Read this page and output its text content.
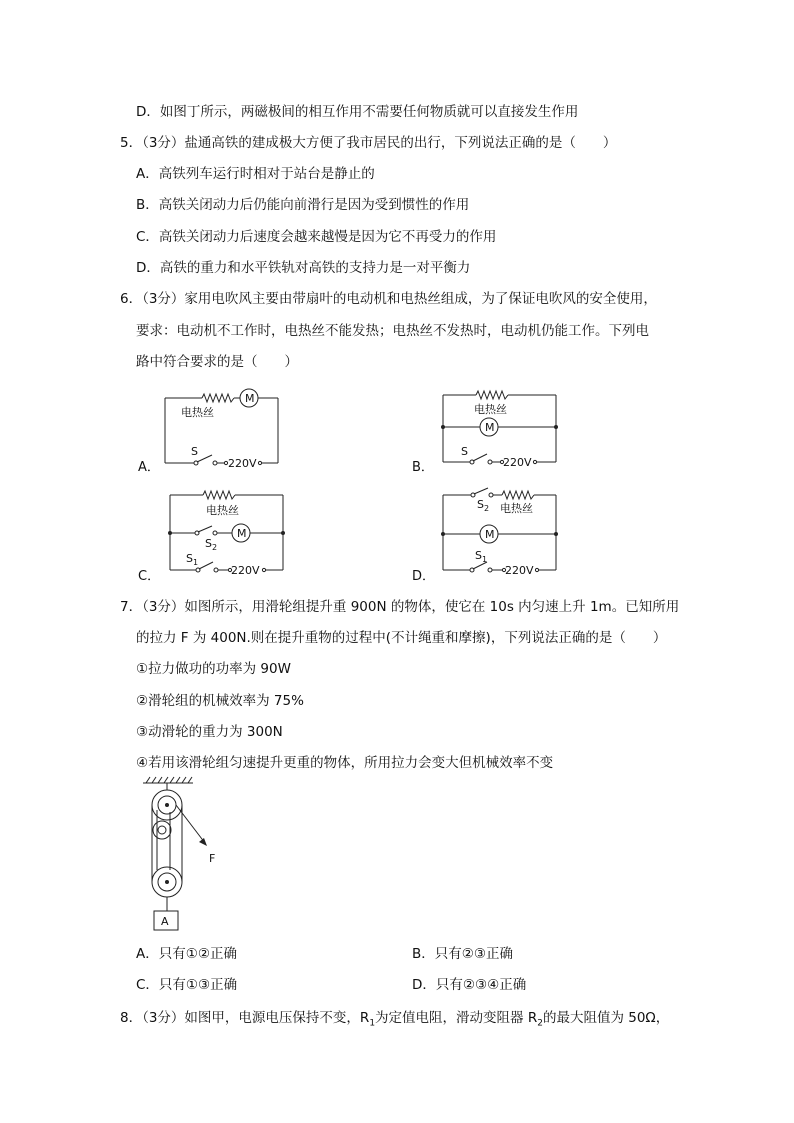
D．如图丁所示，两磁极间的相互作用不需要任何物质就可以直接发生作用
5．（3分）盐通高铁的建成极大方便了我市居民的出行，下列说法正确的是（　　）
A．高铁列车运行时相对于站台是静止的
B．高铁关闭动力后仍能向前滑行是因为受到惯性的作用
C．高铁关闭动力后速度会越来越慢是因为它不再受力的作用
D．高铁的重力和水平铁轨对高铁的支持力是一对平衡力
6．（3分）家用电吹风主要由带扇叶的电动机和电热丝组成，为了保证电吹风的安全使用，
要求：电动机不工作时，电热丝不能发热；电热丝不发热时，电动机仍能工作。下列电
路中符合要求的是（　　）
A．	B．
C．	D．
M
电热丝
S
220V
M
电热丝
S
220V
M
电热丝
$S_2$
$S_1$
220V
M
$S_2$ 电热丝
$S_1$
220V
7．（3分）如图所示，用滑轮组提升重 900N 的物体，使它在 10s 内匀速上升 1m。已知所用
的拉力 F 为 400N.则在提升重物的过程中(不计绳重和摩擦)，下列说法正确的是（　　）
①拉力做功的功率为 90W
②滑轮组的机械效率为 75%
③动滑轮的重力为 300N
④若用该滑轮组匀速提升更重的物体，所用拉力会变大但机械效率不变
F
A
A．只有①②正确	B．只有②③正确
C．只有①③正确	D．只有②③④正确
8．（3分）如图甲，电源电压保持不变，$R_1$为定值电阻，滑动变阻器 $R_2$的最大阻值为 50Ω，
